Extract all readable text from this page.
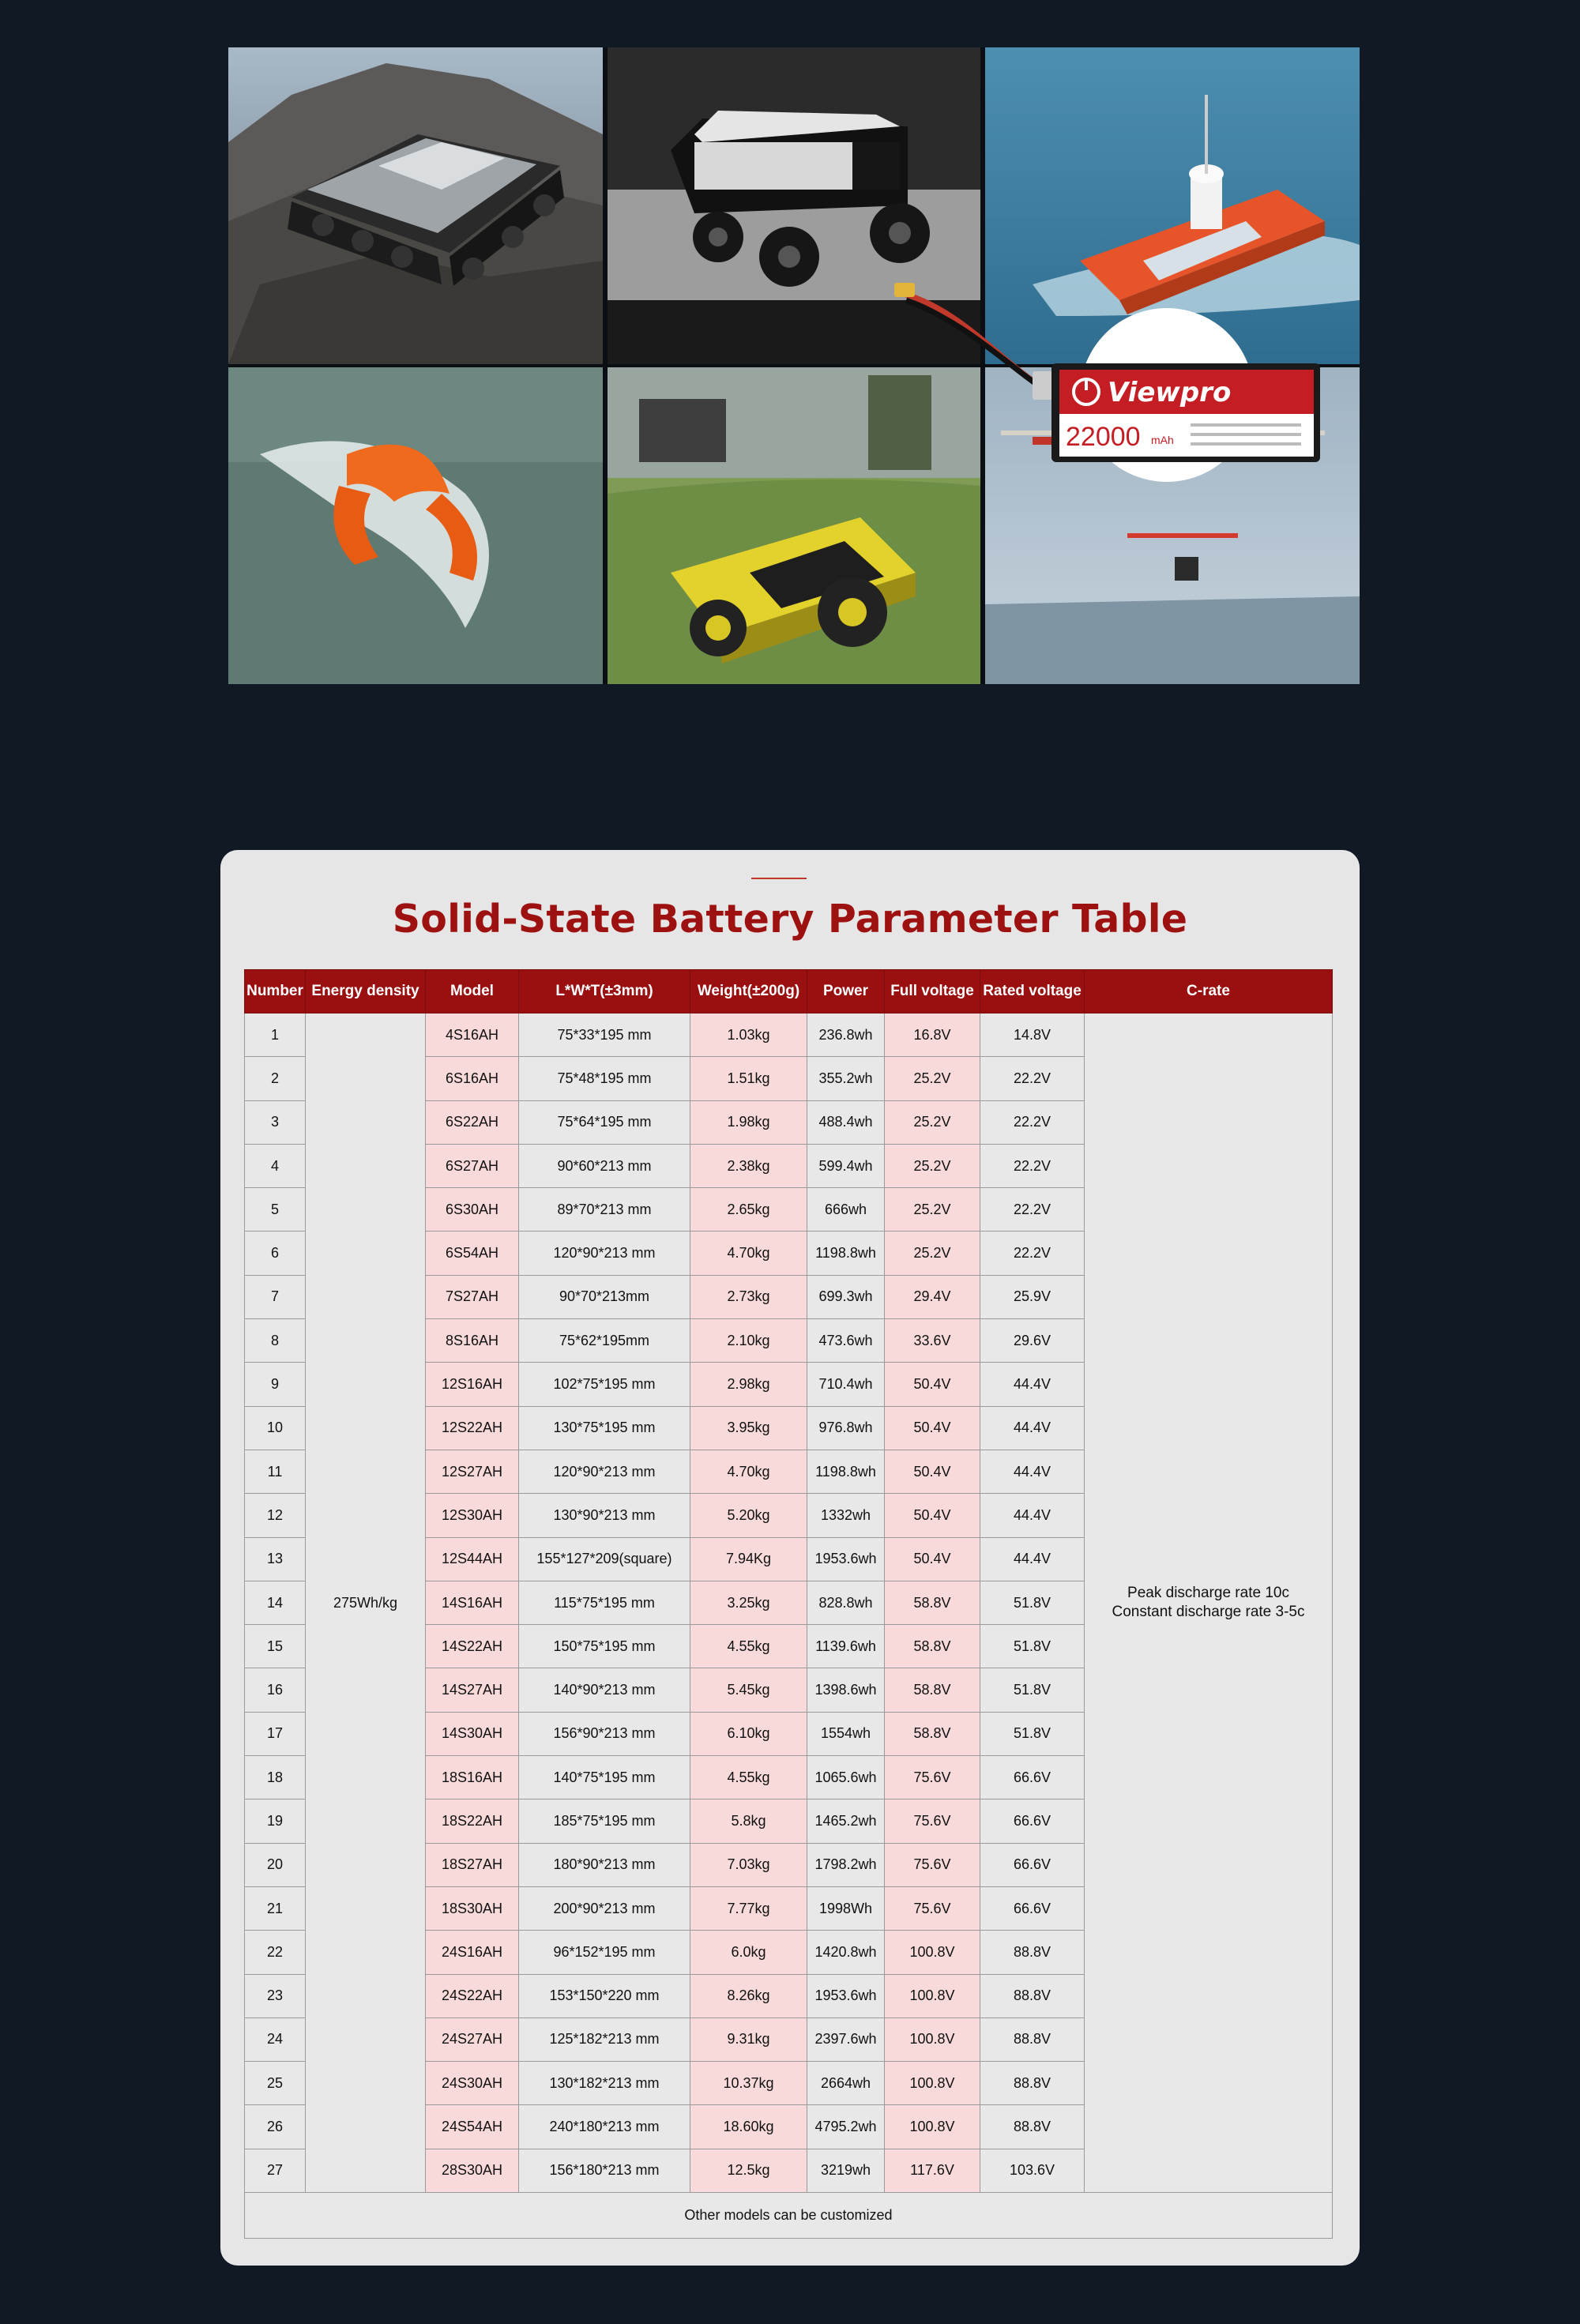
Viewpro
22000 mAh
Solid-State Battery Parameter Table
Number	Energy density	Model	L*W*T(±3mm)	Weight(±200g)	Power	Full voltage	Rated voltage	C-rate
1	275Wh/kg	4S16AH	75*33*195 mm	1.03kg	236.8wh	16.8V	14.8V	Peak discharge rate 10c
Constant discharge rate 3-5c

2		6S16AH	75*48*195 mm	1.51kg	355.2wh	25.2V	22.2V	
3		6S22AH	75*64*195 mm	1.98kg	488.4wh	25.2V	22.2V	
4		6S27AH	90*60*213 mm	2.38kg	599.4wh	25.2V	22.2V	
5		6S30AH	89*70*213 mm	2.65kg	666wh	25.2V	22.2V	
6		6S54AH	120*90*213 mm	4.70kg	1198.8wh	25.2V	22.2V	
7		7S27AH	90*70*213mm	2.73kg	699.3wh	29.4V	25.9V	
8		8S16AH	75*62*195mm	2.10kg	473.6wh	33.6V	29.6V	
9		12S16AH	102*75*195 mm	2.98kg	710.4wh	50.4V	44.4V	
10		12S22AH	130*75*195 mm	3.95kg	976.8wh	50.4V	44.4V	
11		12S27AH	120*90*213 mm	4.70kg	1198.8wh	50.4V	44.4V	
12		12S30AH	130*90*213 mm	5.20kg	1332wh	50.4V	44.4V	
13		12S44AH	155*127*209(square)	7.94Kg	1953.6wh	50.4V	44.4V	
14		14S16AH	115*75*195 mm	3.25kg	828.8wh	58.8V	51.8V	
15		14S22AH	150*75*195 mm	4.55kg	1139.6wh	58.8V	51.8V	
16		14S27AH	140*90*213 mm	5.45kg	1398.6wh	58.8V	51.8V	
17		14S30AH	156*90*213 mm	6.10kg	1554wh	58.8V	51.8V	
18		18S16AH	140*75*195 mm	4.55kg	1065.6wh	75.6V	66.6V	
19		18S22AH	185*75*195 mm	5.8kg	1465.2wh	75.6V	66.6V	
20		18S27AH	180*90*213 mm	7.03kg	1798.2wh	75.6V	66.6V	
21		18S30AH	200*90*213 mm	7.77kg	1998Wh	75.6V	66.6V	
22		24S16AH	96*152*195 mm	6.0kg	1420.8wh	100.8V	88.8V	
23		24S22AH	153*150*220 mm	8.26kg	1953.6wh	100.8V	88.8V	
24		24S27AH	125*182*213 mm	9.31kg	2397.6wh	100.8V	88.8V	
25		24S30AH	130*182*213 mm	10.37kg	2664wh	100.8V	88.8V	
26		24S54AH	240*180*213 mm	18.60kg	4795.2wh	100.8V	88.8V	
27		28S30AH	156*180*213 mm	12.5kg	3219wh	117.6V	103.6V	
Other models can be customized								
